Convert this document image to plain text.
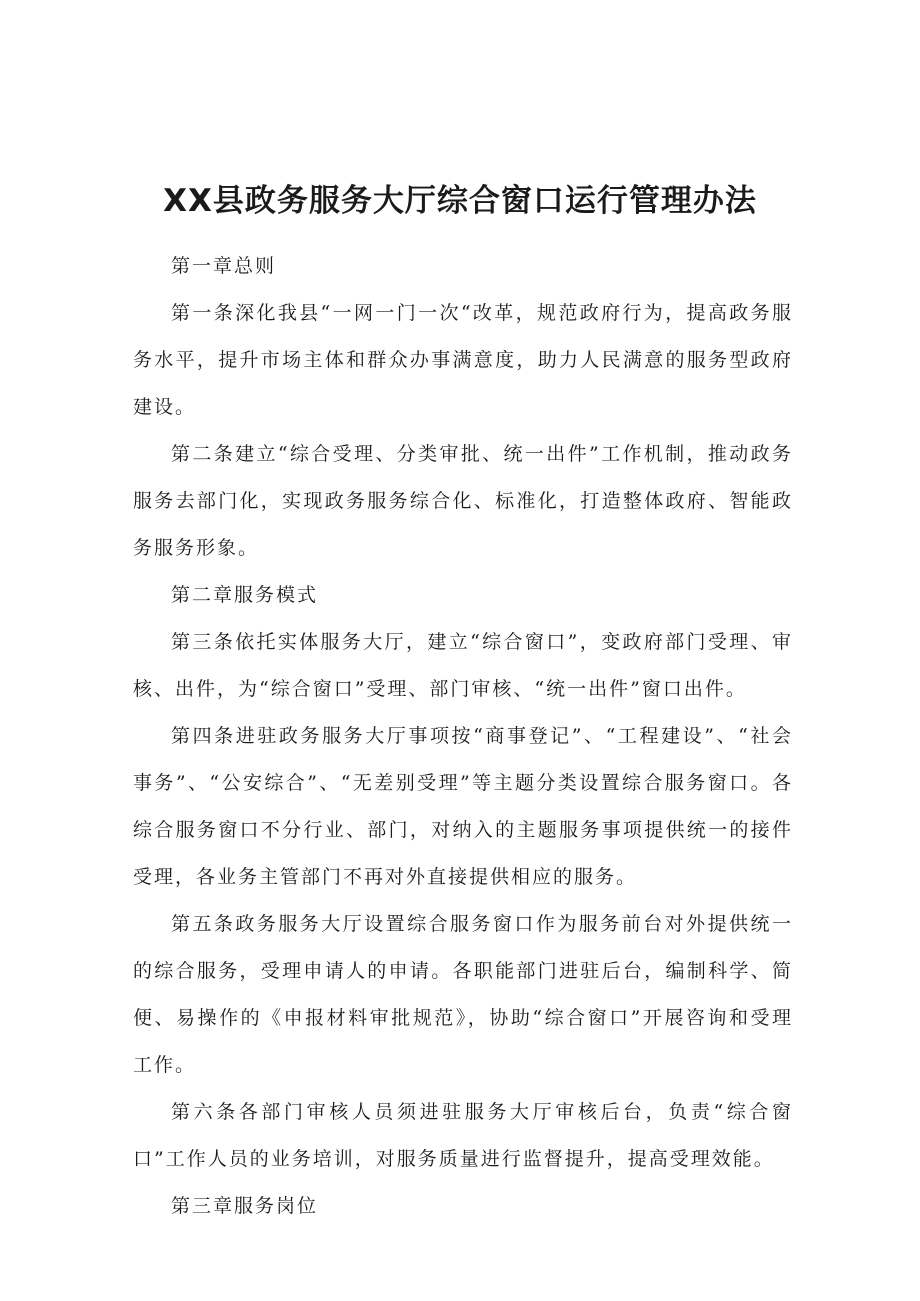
XX县政务服务大厅综合窗口运行管理办法

第一章总则

第一条深化我县“一网一门一次“改革，规范政府行为，提高政务服务水平，提升市场主体和群众办事满意度，助力人民满意的服务型政府建设。

第二条建立“综合受理、分类审批、统一出件”工作机制，推动政务服务去部门化，实现政务服务综合化、标准化，打造整体政府、智能政务服务形象。

第二章服务模式

第三条依托实体服务大厅，建立“综合窗口”，变政府部门受理、审核、出件，为“综合窗口”受理、部门审核、“统一出件”窗口出件。

第四条进驻政务服务大厅事项按“商事登记”、“工程建设”、“社会事务”、“公安综合”、“无差别受理”等主题分类设置综合服务窗口。各综合服务窗口不分行业、部门，对纳入的主题服务事项提供统一的接件受理，各业务主管部门不再对外直接提供相应的服务。

第五条政务服务大厅设置综合服务窗口作为服务前台对外提供统一的综合服务，受理申请人的申请。各职能部门进驻后台，编制科学、简便、易操作的《申报材料审批规范》，协助“综合窗口”开展咨询和受理工作。

第六条各部门审核人员须进驻服务大厅审核后台，负责“综合窗口”工作人员的业务培训，对服务质量进行监督提升，提高受理效能。

第三章服务岗位
